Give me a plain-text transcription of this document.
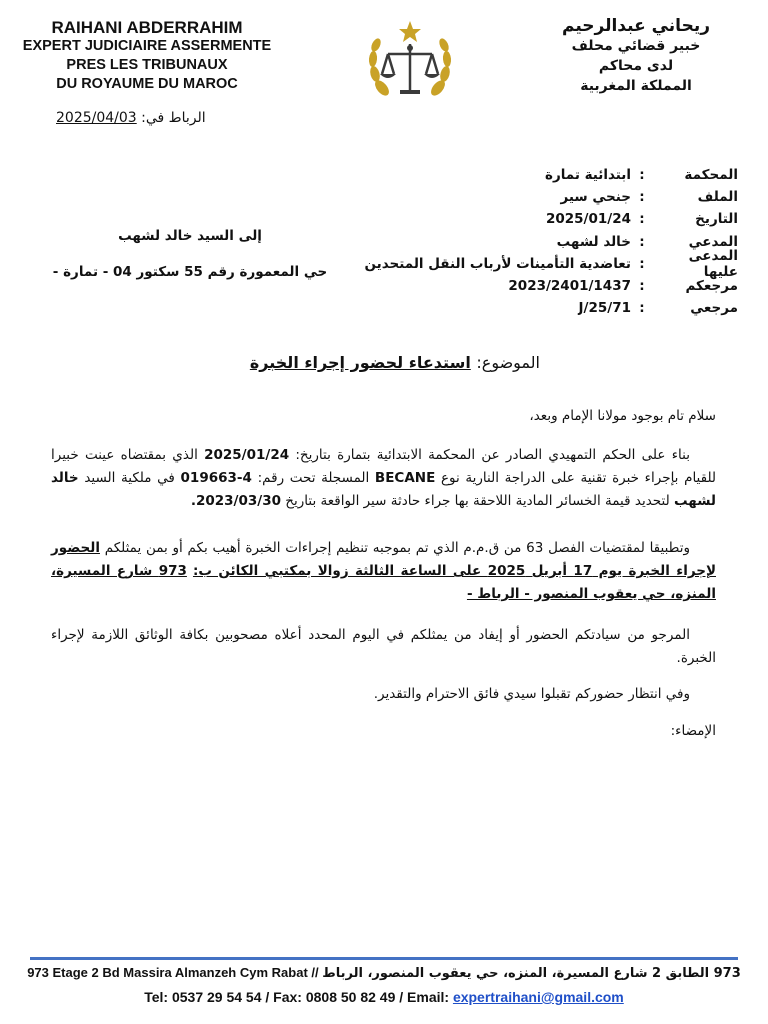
RAIHANI ABDERRAHIM
EXPERT JUDICIAIRE ASSERMENTE
PRES LES TRIBUNAUX
DU ROYAUME DU MAROC
ريحاني عبدالرحيم
خبير قضائي محلف
لدى محاكم
المملكة المغربية
الرباط في: 2025/04/03
المحكمة
:
ابتدائية تمارة
الملف
:
جنحي سير
التاريخ
:
2025/01/24
المدعي
:
خالد لشهب
المدعى عليها
:
تعاضدية التأمينات لأرباب النقل المتحدين
مرجعكم
:
2023/2401/1437
مرجعي
:
71/J/25
إلى السيد خالد لشهب
حي المعمورة رقم 55 سكتور 04 - تمارة -
الموضوع: استدعاء لحضور إجراء الخبرة
سلام تام بوجود مولانا الإمام وبعد،
بناء على الحكم التمهيدي الصادر عن المحكمة الابتدائية بتمارة بتاريخ: 2025/01/24 الذي بمقتضاه عينت خبيرا للقيام بإجراء خبرة تقنية على الدراجة النارية نوع BECANE المسجلة تحت رقم: 4-019663 في ملكية السيد خالد لشهب لتحديد قيمة الخسائر المادية اللاحقة بها جراء حادثة سير الواقعة بتاريخ 2023/03/30.
وتطبيقا لمقتضيات الفصل 63 من ق.م.م الذي تم بموجبه تنظيم إجراءات الخبرة أهيب بكم أو بمن يمثلكم الحضور لإجراء الخبرة يوم 17 أبريل 2025 على الساعة الثالثة زوالا بمكتبي الكائن ب: 973 شارع المسيرة، المنزه، حي يعقوب المنصور - الرباط -
المرجو من سيادتكم الحضور أو إيفاد من يمثلكم في اليوم المحدد أعلاه مصحوبين بكافة الوثائق اللازمة لإجراء الخبرة.
وفي انتظار حضوركم تقبلوا سيدي فائق الاحترام والتقدير.
الإمضاء:
973 Etage 2 Bd Massira Almanzeh Cym Rabat // 973 الطابق 2 شارع المسيرة، المنزه، حي يعقوب المنصور، الرباط
Tel: 0537 29 54 54 / Fax: 0808 50 82 49 / Email: expertraihani@gmail.com
